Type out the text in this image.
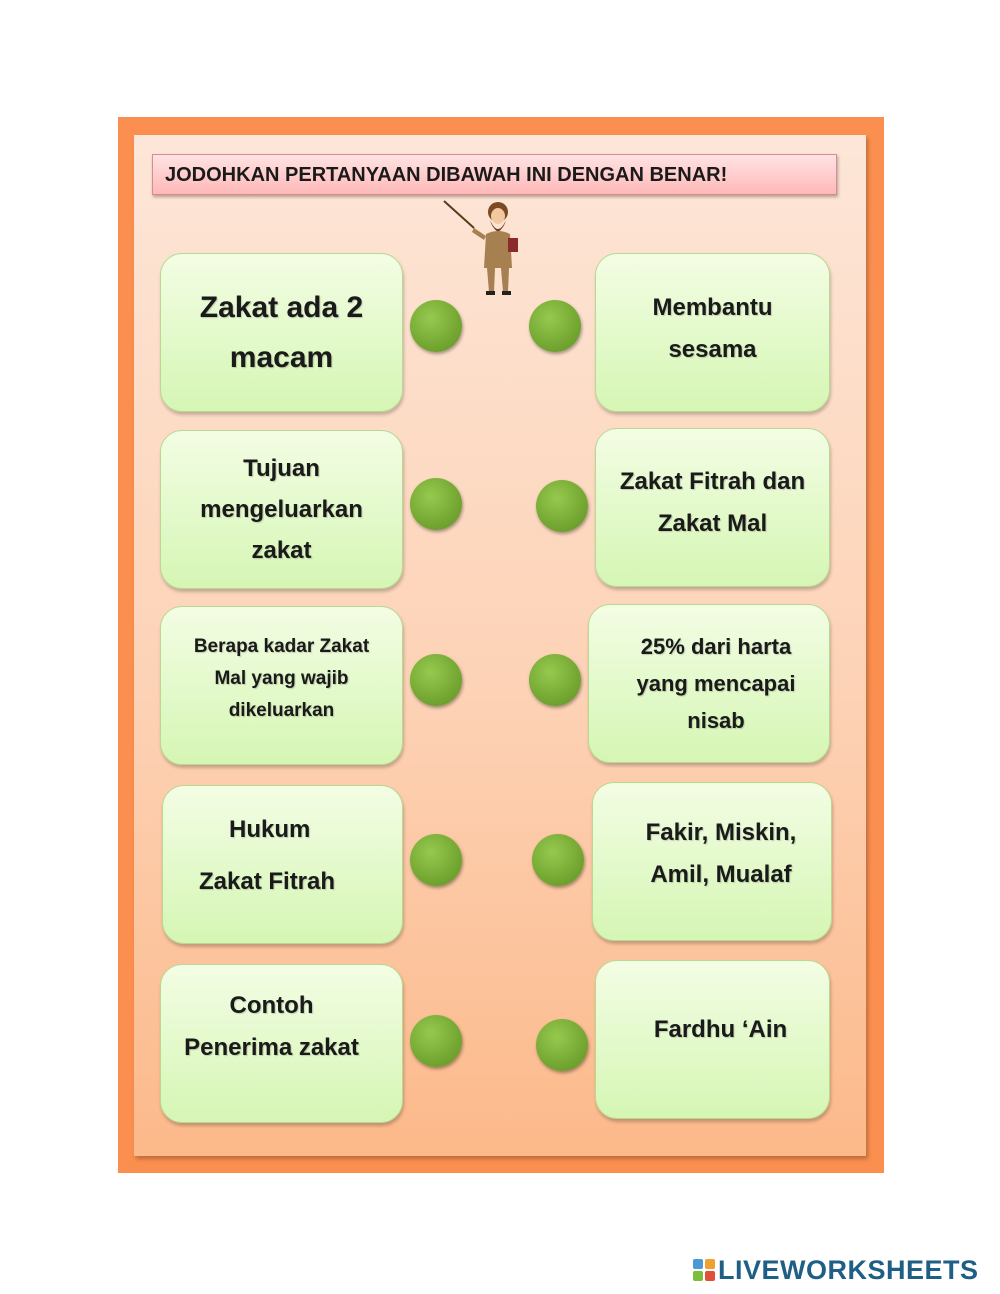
JODOHKAN PERTANYAAN DIBAWAH INI DENGAN BENAR!
Zakat ada 2
macam
Tujuan
mengeluarkan
zakat
Berapa kadar Zakat
Mal yang wajib
dikeluarkan
Hukum
Zakat Fitrah
Contoh
Penerima zakat
Membantu
sesama
Zakat Fitrah dan
Zakat Mal
25% dari harta
yang mencapai
nisab
Fakir, Miskin,
Amil, Mualaf
Fardhu ‘Ain
LIVEWORKSHEETS
